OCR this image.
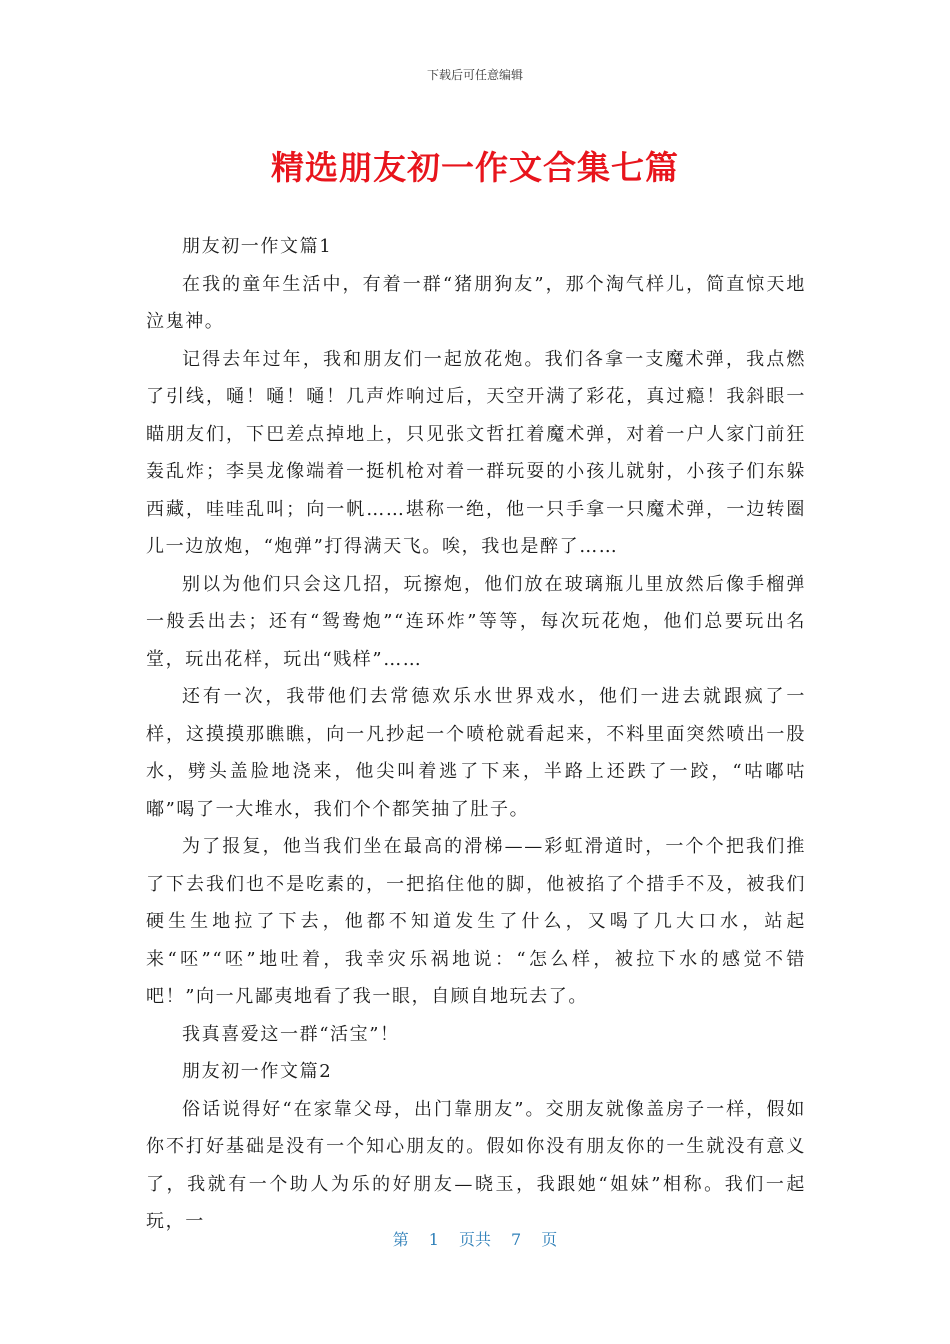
下载后可任意编辑
精选朋友初一作文合集七篇

朋友初一作文篇1

在我的童年生活中，有着一群“猪朋狗友”，那个淘气样儿，简直惊天地泣鬼神。

记得去年过年，我和朋友们一起放花炮。我们各拿一支魔术弹，我点燃了引线，嗵！嗵！嗵！几声炸响过后，天空开满了彩花，真过瘾！我斜眼一瞄朋友们，下巴差点掉地上，只见张文哲扛着魔术弹，对着一户人家门前狂轰乱炸；李昊龙像端着一挺机枪对着一群玩耍的小孩儿就射，小孩子们东躲西藏，哇哇乱叫；向一帆……堪称一绝，他一只手拿一只魔术弹，一边转圈儿一边放炮，“炮弹”打得满天飞。唉，我也是醉了……

别以为他们只会这几招，玩擦炮，他们放在玻璃瓶儿里放然后像手榴弹一般丢出去；还有“鸳鸯炮”“连环炸”等等，每次玩花炮，他们总要玩出名堂，玩出花样，玩出“贱样”……

还有一次，我带他们去常德欢乐水世界戏水，他们一进去就跟疯了一样，这摸摸那瞧瞧，向一凡抄起一个喷枪就看起来，不料里面突然喷出一股水，劈头盖脸地浇来，他尖叫着逃了下来，半路上还跌了一跤，“咕嘟咕嘟”喝了一大堆水，我们个个都笑抽了肚子。

为了报复，他当我们坐在最高的滑梯——彩虹滑道时，一个个把我们推了下去我们也不是吃素的，一把掐住他的脚，他被掐了个措手不及，被我们硬生生地拉了下去，他都不知道发生了什么，又喝了几大口水，站起来“呸”“呸”地吐着，我幸灾乐祸地说：“怎么样，被拉下水的感觉不错吧！”向一凡鄙夷地看了我一眼，自顾自地玩去了。

我真喜爱这一群“活宝”！

朋友初一作文篇2

俗话说得好“在家靠父母，出门靠朋友”。交朋友就像盖房子一样，假如你不打好基础是没有一个知心朋友的。假如你没有朋友你的一生就没有意义了，我就有一个助人为乐的好朋友—晓玉，我跟她“姐妹”相称。我们一起玩，一

第 1 页共 7 页
